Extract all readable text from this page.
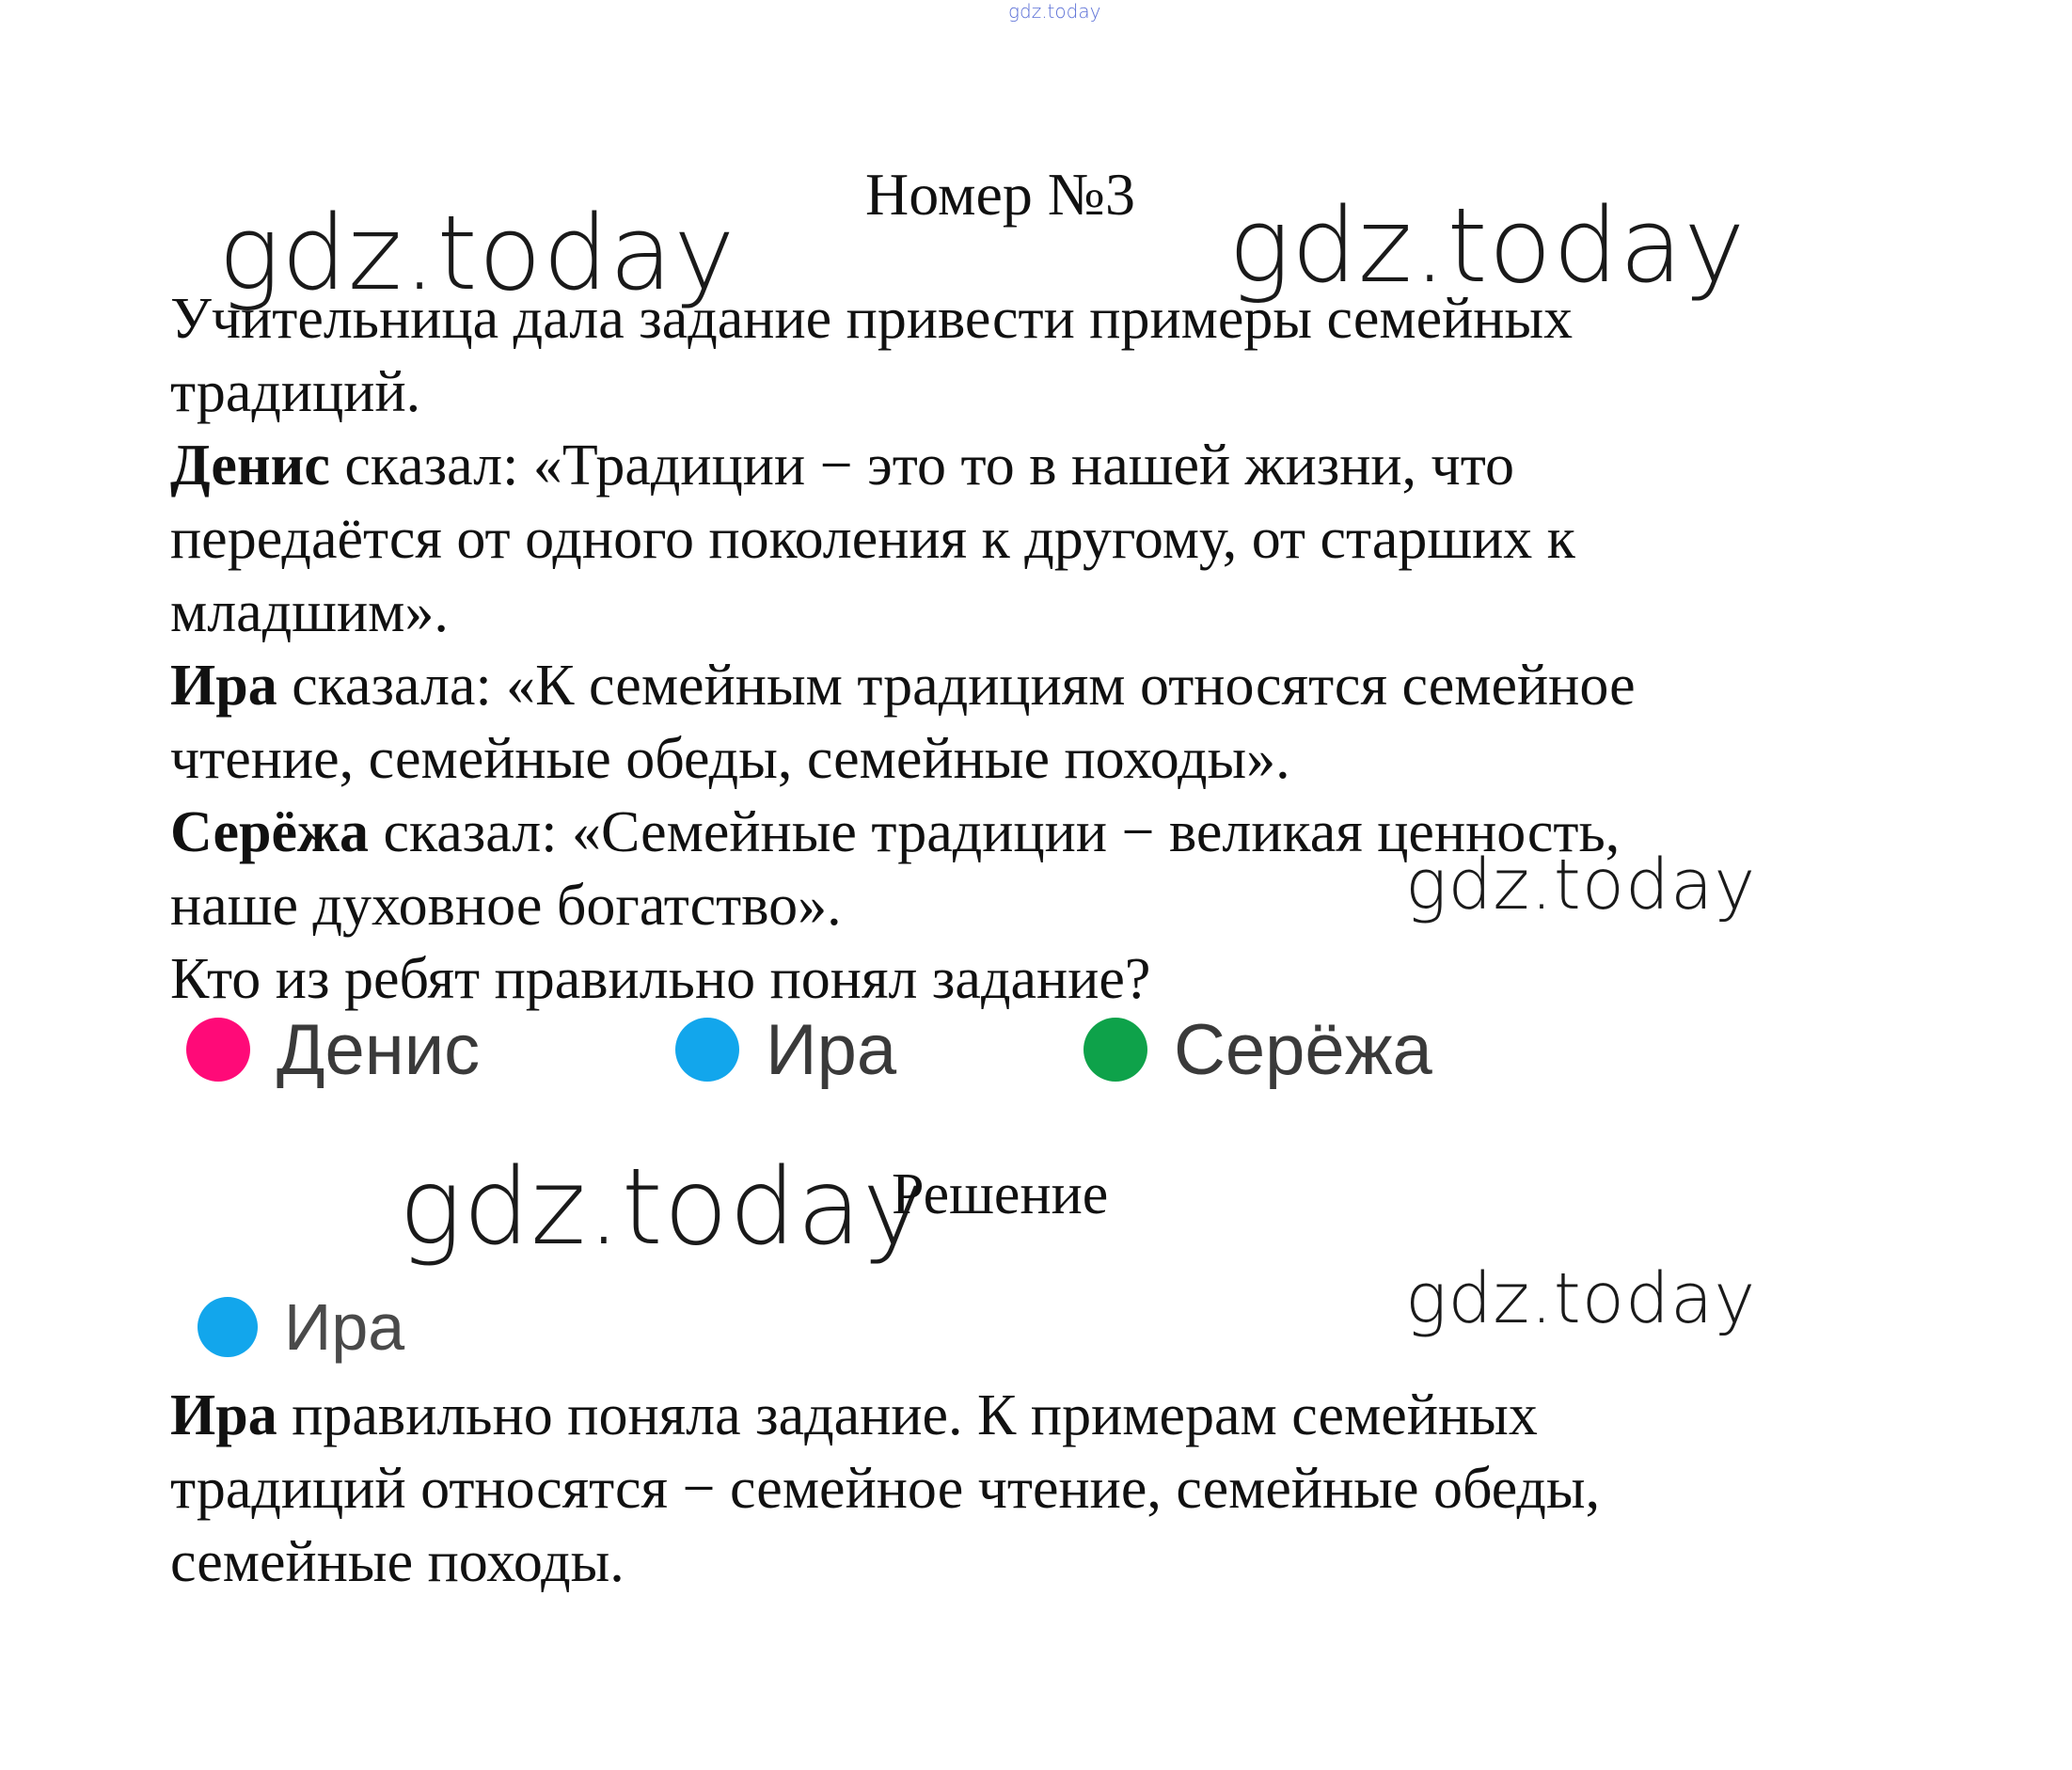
gdz.today
gdz.today	gdz.today
gdz.today
gdz.today
gdz.today
Номер №3
Учительница дала задание привести примеры семейных
традиций.
Денис сказал: «Традиции − это то в нашей жизни, что
передаётся от одного поколения к другому, от старших к
младшим».
Ира сказала: «К семейным традициям относятся семейное
чтение, семейные обеды, семейные походы».
Серёжа сказал: «Семейные традиции − великая ценность,
наше духовное богатство».
Кто из ребят правильно понял задание?
Денис	Ира	Серёжа
Решение
Ира
Ира правильно поняла задание. К примерам семейных
традиций относятся − семейное чтение, семейные обеды,
семейные походы.
